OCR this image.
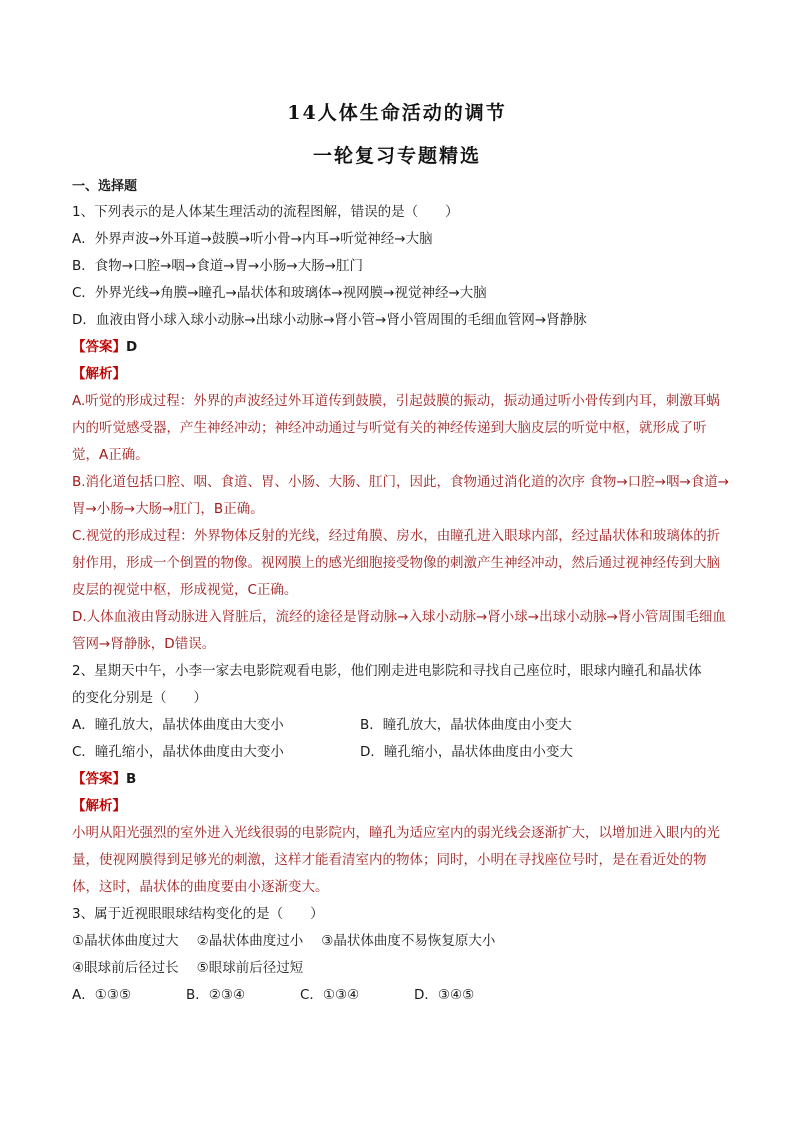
14人体生命活动的调节
一轮复习专题精选
一、选择题
1、下列表示的是人体某生理活动的流程图解，错误的是（　　）
A．外界声波→外耳道→鼓膜→听小骨→内耳→听觉神经→大脑
B．食物→口腔→咽→食道→胃→小肠→大肠→肛门
C．外界光线→角膜→瞳孔→晶状体和玻璃体→视网膜→视觉神经→大脑
D．血液由肾小球入球小动脉→出球小动脉→肾小管→肾小管周围的毛细血管网→肾静脉
【答案】D
【解析】
A.听觉的形成过程：外界的声波经过外耳道传到鼓膜，引起鼓膜的振动，振动通过听小骨传到内耳，刺激耳蜗内的听觉感受器，产生神经冲动；神经冲动通过与听觉有关的神经传递到大脑皮层的听觉中枢，就形成了听觉，A正确。
B.消化道包括口腔、咽、食道、胃、小肠、大肠、肛门，因此，食物通过消化道的次序 食物→口腔→咽→食道→胃→小肠→大肠→肛门，B正确。
C.视觉的形成过程：外界物体反射的光线，经过角膜、房水，由瞳孔进入眼球内部，经过晶状体和玻璃体的折射作用，形成一个倒置的物像。视网膜上的感光细胞接受物像的刺激产生神经冲动，然后通过视神经传到大脑皮层的视觉中枢，形成视觉，C正确。
D.人体血液由肾动脉进入肾脏后，流经的途径是肾动脉→入球小动脉→肾小球→出球小动脉→肾小管周围毛细血管网→肾静脉，D错误。
2、星期天中午，小李一家去电影院观看电影，他们刚走进电影院和寻找自己座位时，眼球内瞳孔和晶状体
的变化分别是（　　）
A．瞳孔放大，晶状体曲度由大变小	B．瞳孔放大，晶状体曲度由小变大
C．瞳孔缩小，晶状体曲度由大变小	D．瞳孔缩小，晶状体曲度由小变大
【答案】B
【解析】
小明从阳光强烈的室外进入光线很弱的电影院内，瞳孔为适应室内的弱光线会逐渐扩大，以增加进入眼内的光量，使视网膜得到足够光的刺激，这样才能看清室内的物体；同时，小明在寻找座位号时，是在看近处的物体，这时，晶状体的曲度要由小逐渐变大。
3、属于近视眼眼球结构变化的是（　　）
①晶状体曲度过大 ②晶状体曲度过小 ③晶状体曲度不易恢复原大小
④眼球前后径过长 ⑤眼球前后径过短
A．①③⑤	B．②③④	C．①③④	D．③④⑤
